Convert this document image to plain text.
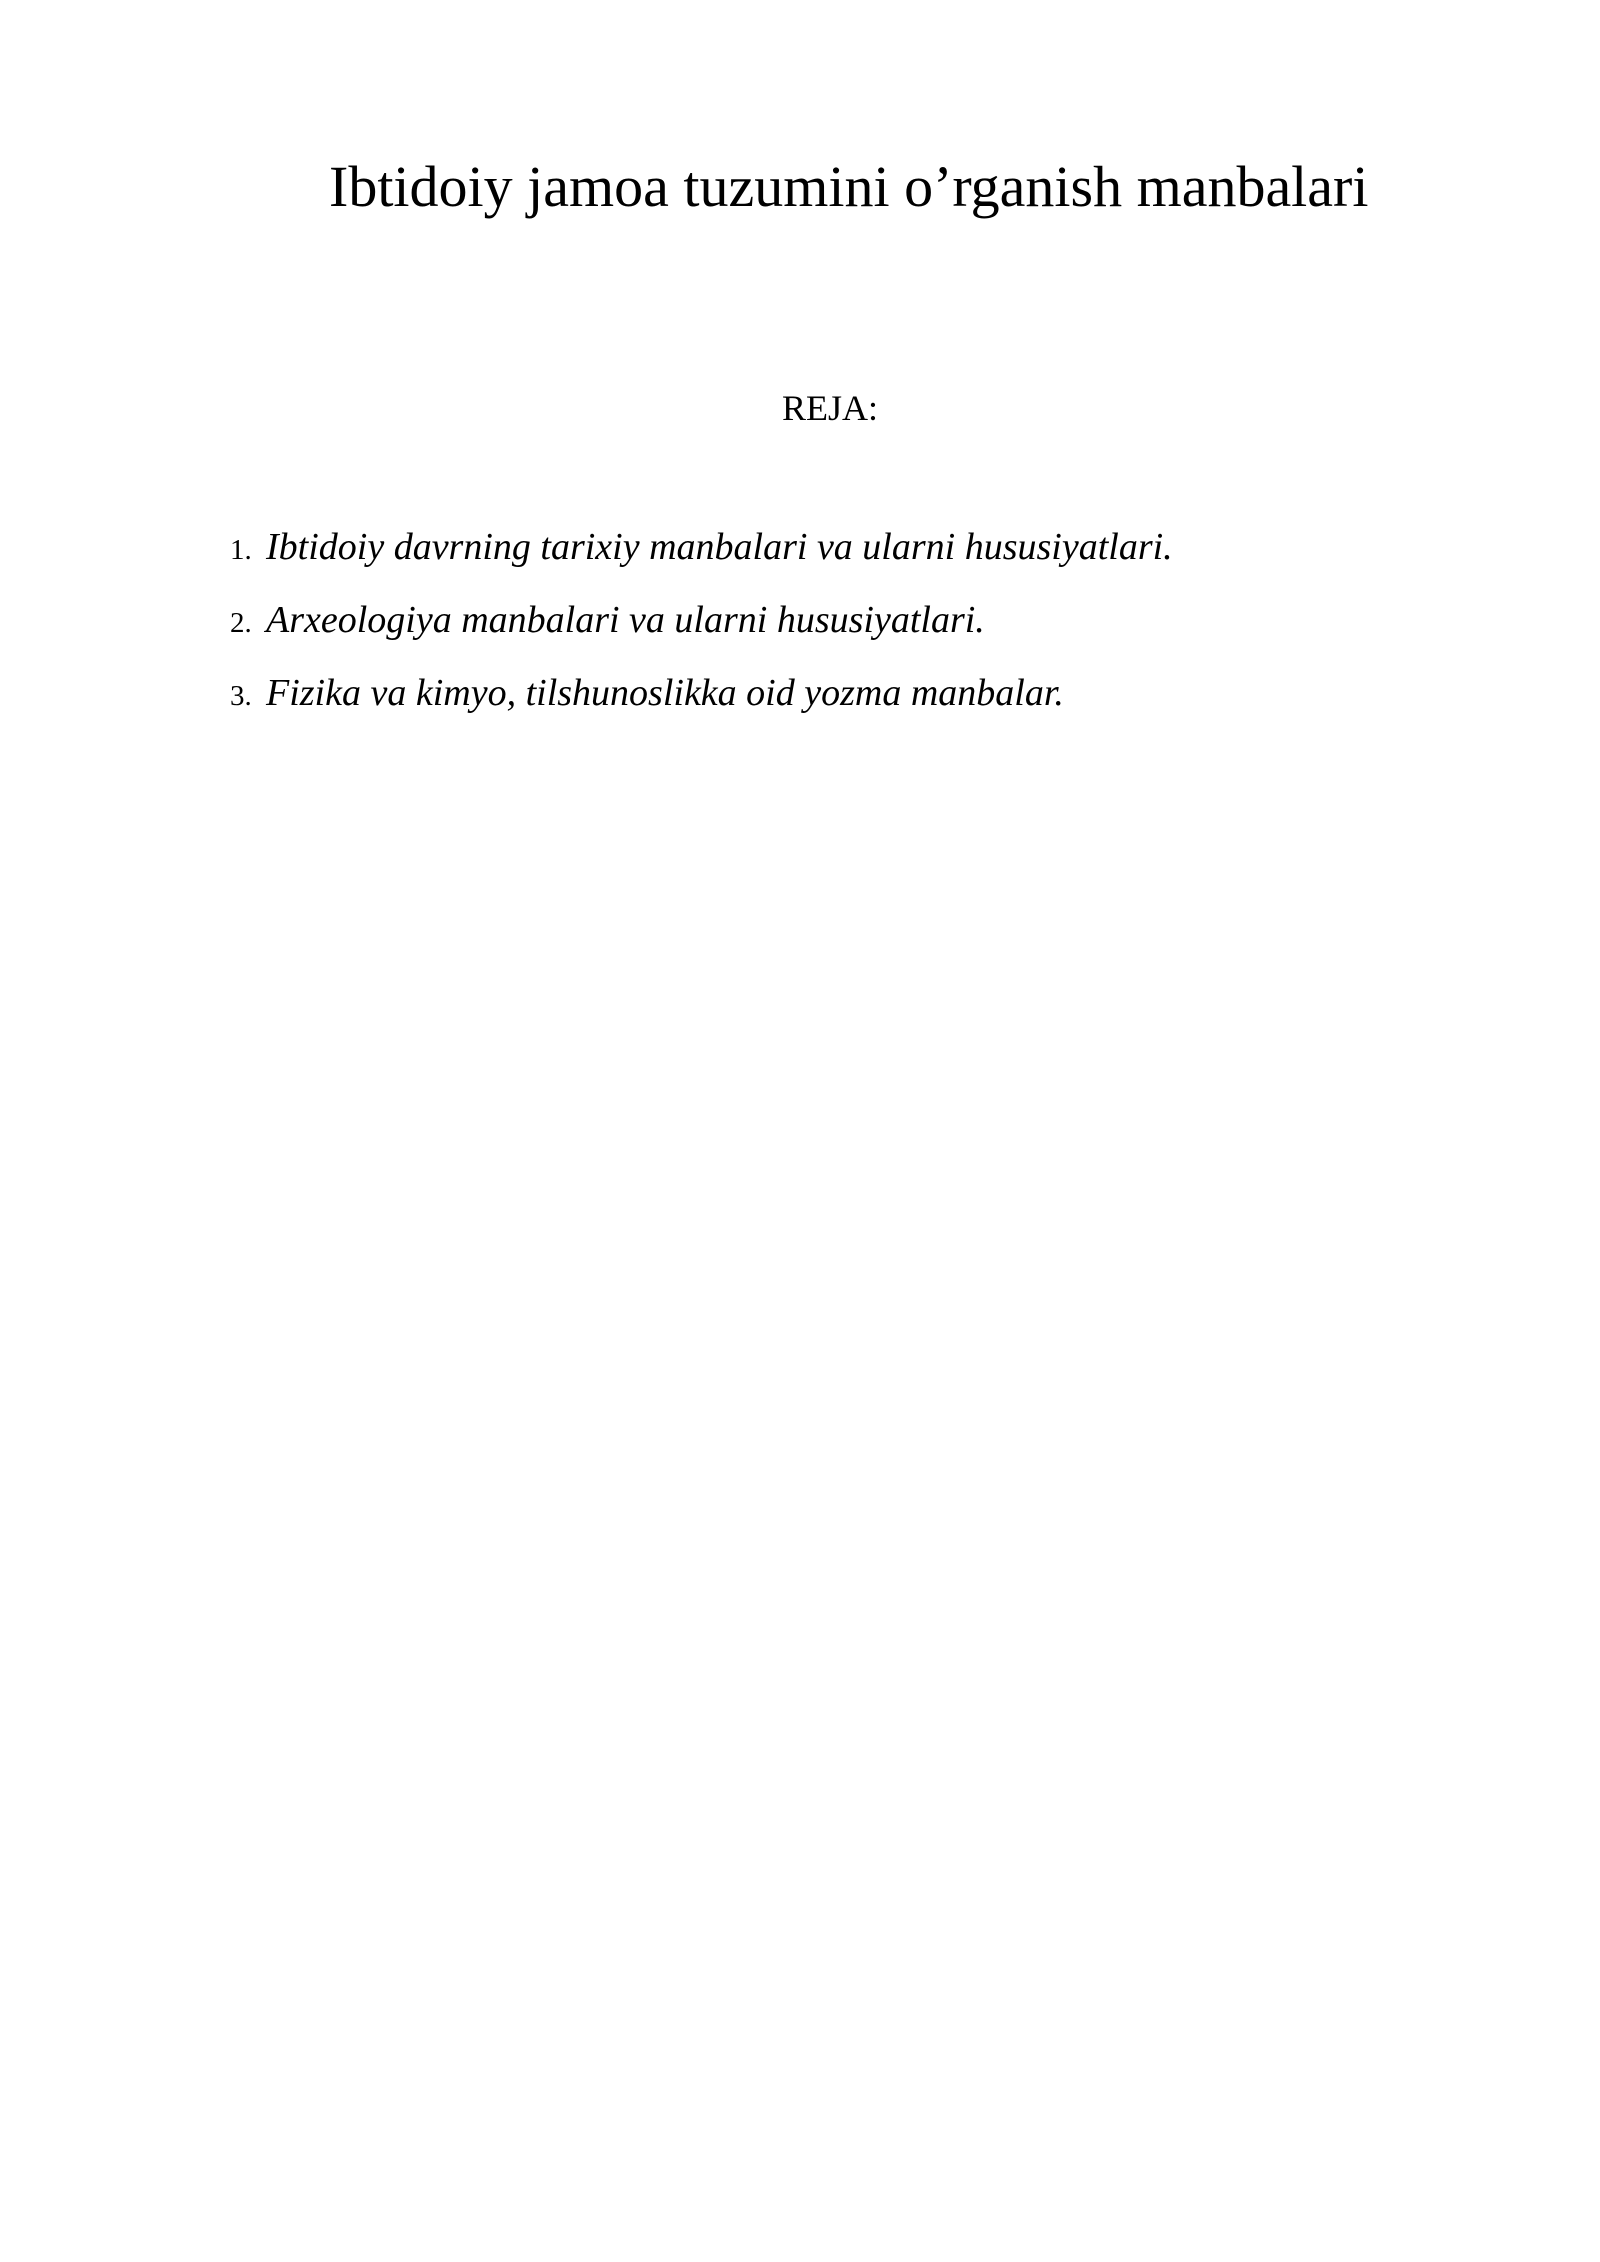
Ibtidoiy jamoa tuzumini o’rganish manbalari
REJA:
1. Ibtidoiy davrning tarixiy manbalari va ularni hususiyatlari.
2. Arxeologiya manbalari va ularni hususiyatlari.
3. Fizika va kimyo, tilshunoslikka oid yozma manbalar.
